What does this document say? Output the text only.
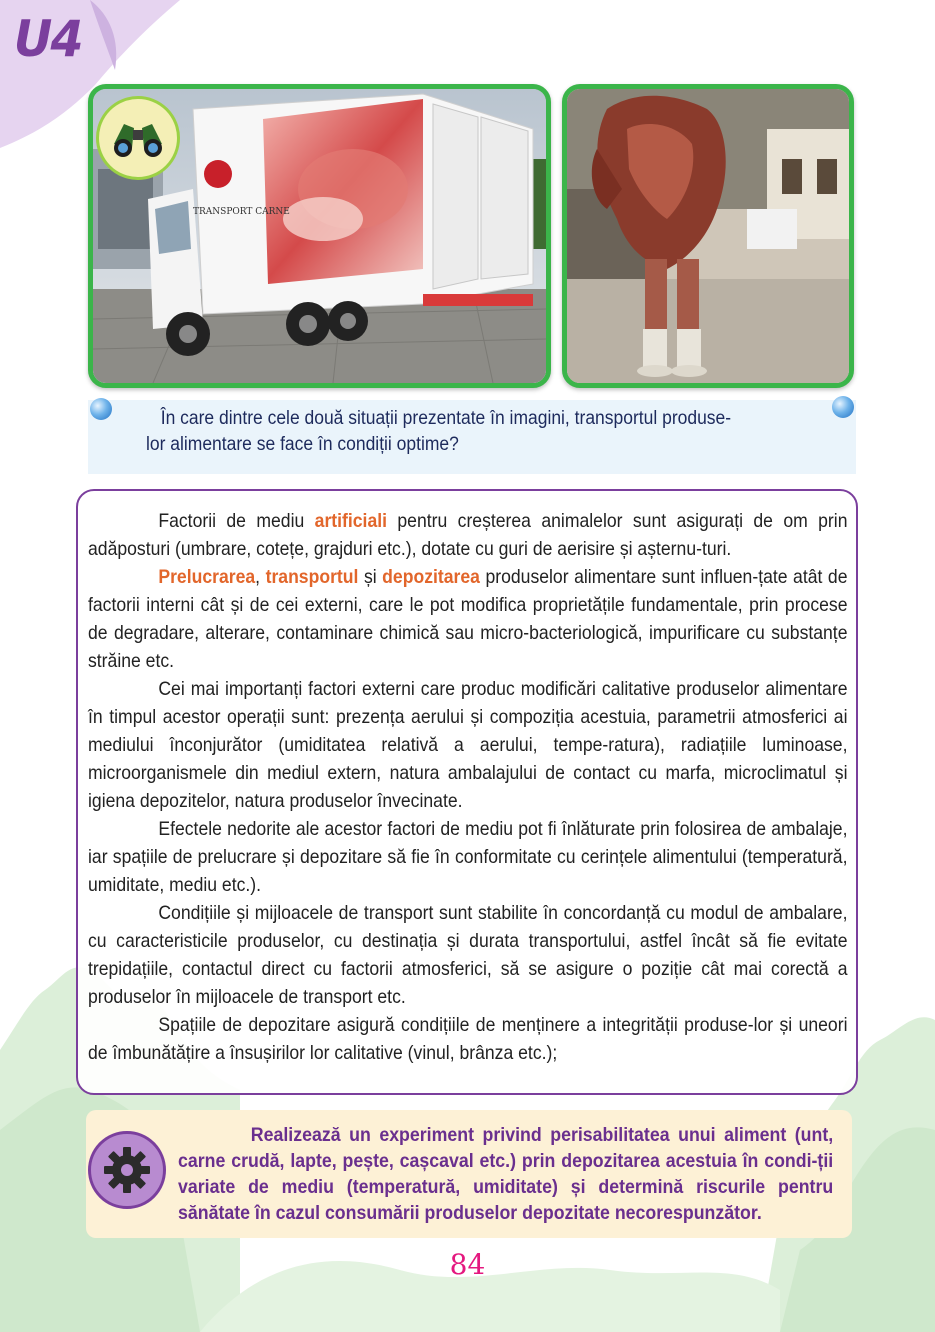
U4
TRANSPORT CARNE
În care dintre cele două situații prezentate în imagini, transportul produse-
lor alimentare se face în condiții optime?

Factorii de mediu artificiali pentru creșterea animalelor sunt asigurați de om prin adăposturi (umbrare, cotețe, grajduri etc.), dotate cu guri de aerisire și așternu-turi.

Prelucrarea, transportul și depozitarea produselor alimentare sunt influen-țate atât de factorii interni cât și de cei externi, care le pot modifica proprietățile fundamentale, prin procese de degradare, alterare, contaminare chimică sau micro-bacteriologică, impurificare cu substanțe străine etc.

Cei mai importanți factori externi care produc modificări calitative produselor alimentare în timpul acestor operații sunt: prezența aerului și compoziția acestuia, parametrii atmosferici ai mediului înconjurător (umiditatea relativă a aerului, tempe-ratura), radiațiile luminoase, microorganismele din mediul extern, natura ambalajului de contact cu marfa, microclimatul și igiena depozitelor, natura produselor învecinate.

Efectele nedorite ale acestor factori de mediu pot fi înlăturate prin folosirea de ambalaje, iar spațiile de prelucrare și depozitare să fie în conformitate cu cerințele alimentului (temperatură, umiditate, mediu etc.).

Condițiile și mijloacele de transport sunt stabilite în concordanță cu modul de ambalare, cu caracteristicile produselor, cu destinația și durata transportului, astfel încât să fie evitate trepidațiile, contactul direct cu factorii atmosferici, să se asigure o poziție cât mai corectă a produselor în mijloacele de transport etc.

Spațiile de depozitare asigură condițiile de menținere a integrității produse-lor și uneori de îmbunătățire a însușirilor lor calitative (vinul, brânza etc.);

Realizează un experiment privind perisabilitatea unui aliment (unt, carne crudă, lapte, pește, cașcaval etc.) prin depozitarea acestuia în condi-ții variate de mediu (temperatură, umiditate) și determină riscurile pentru sănătate în cazul consumării produselor depozitate necorespunzător.
84
